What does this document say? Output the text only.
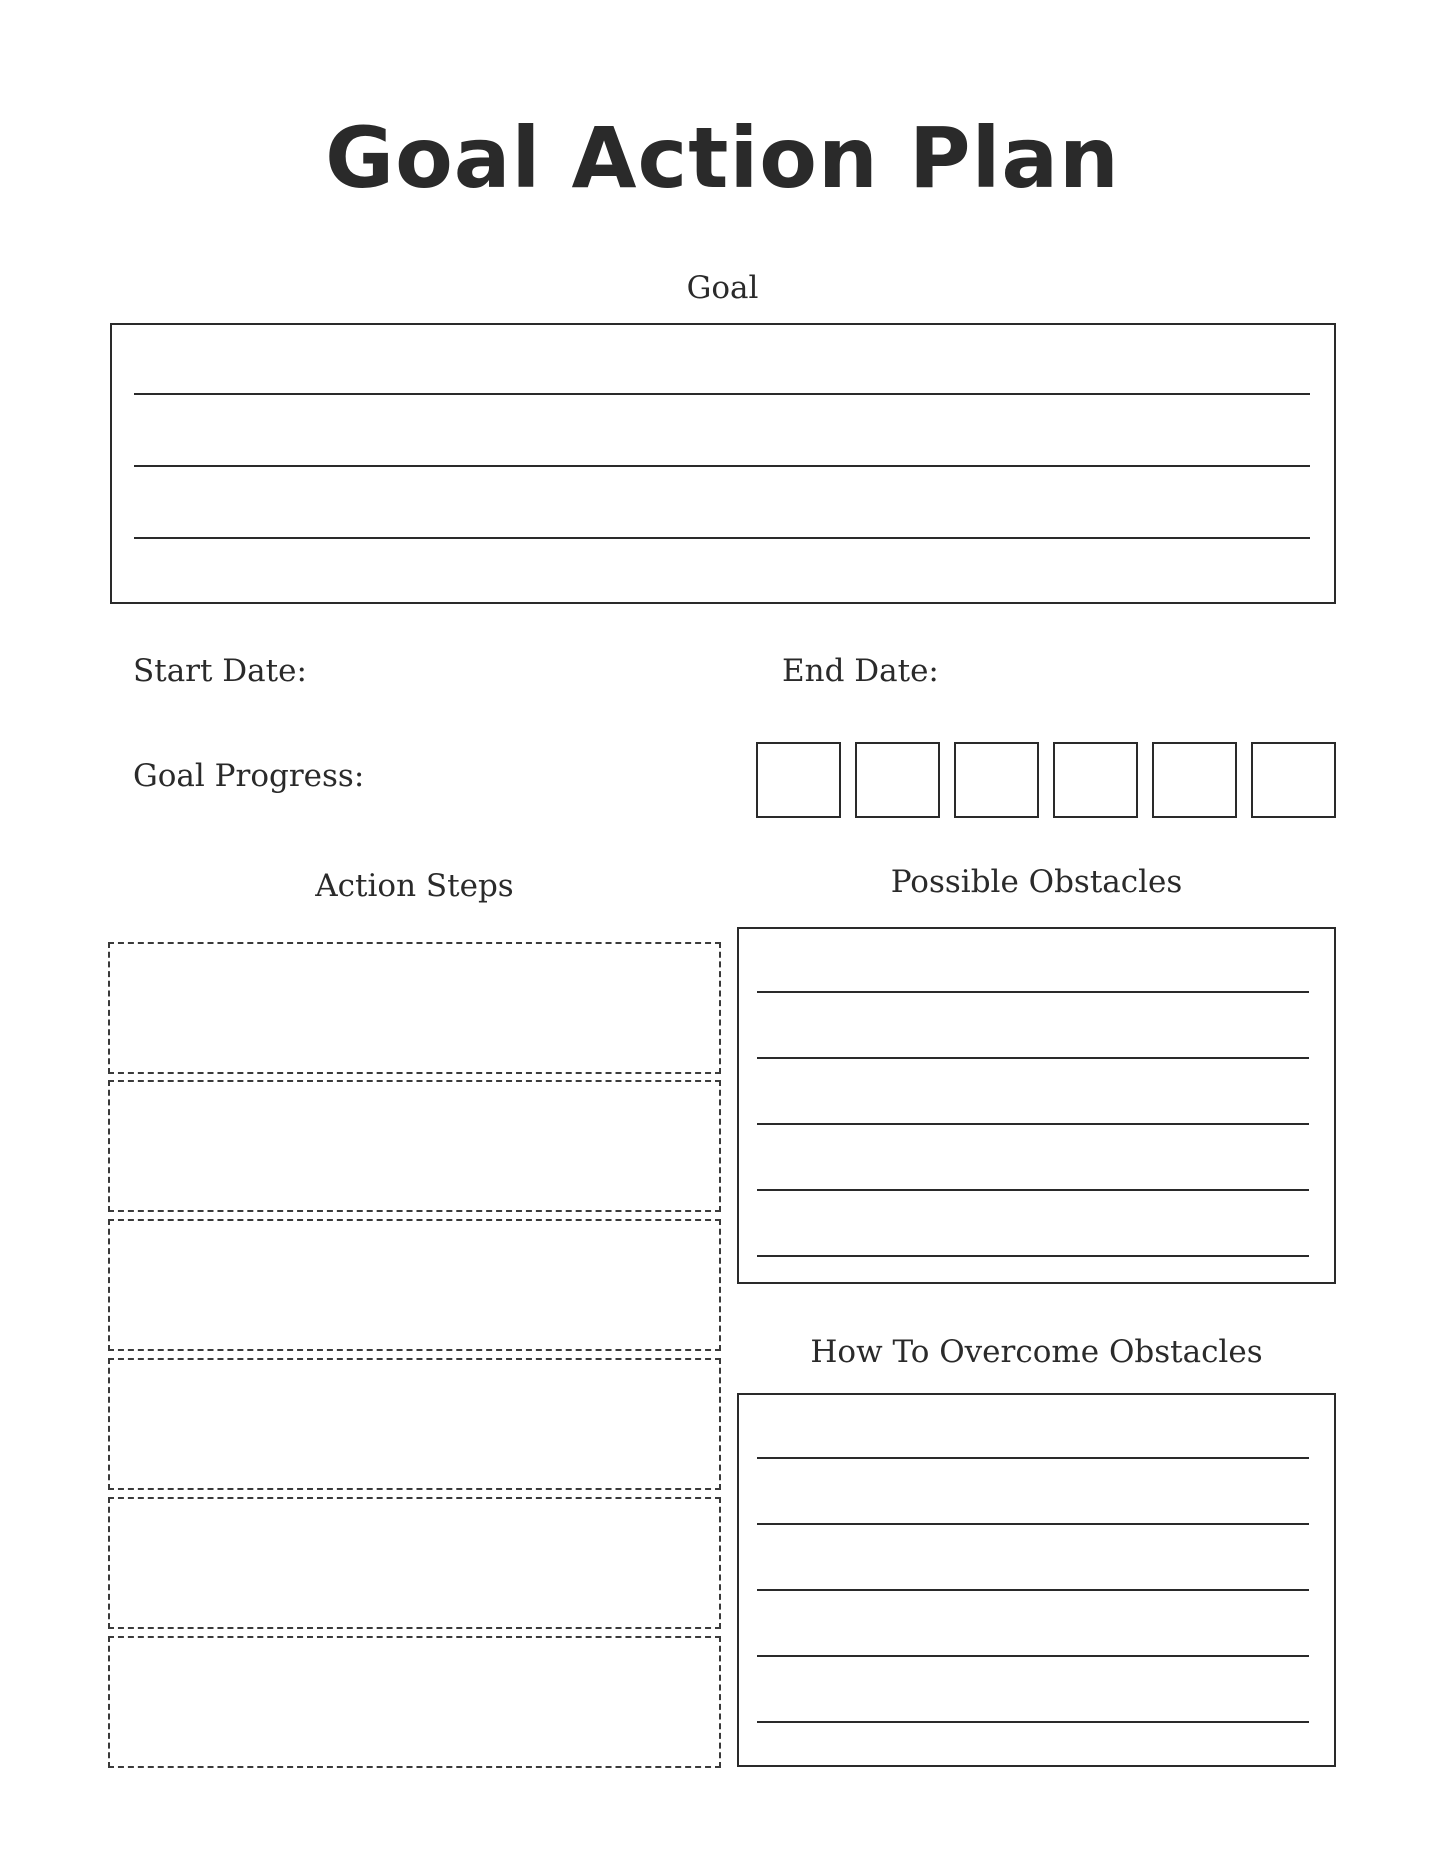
Goal Action Plan
Goal
Start Date:	End Date:
Goal Progress:
Action Steps	Possible Obstacles
How To Overcome Obstacles
